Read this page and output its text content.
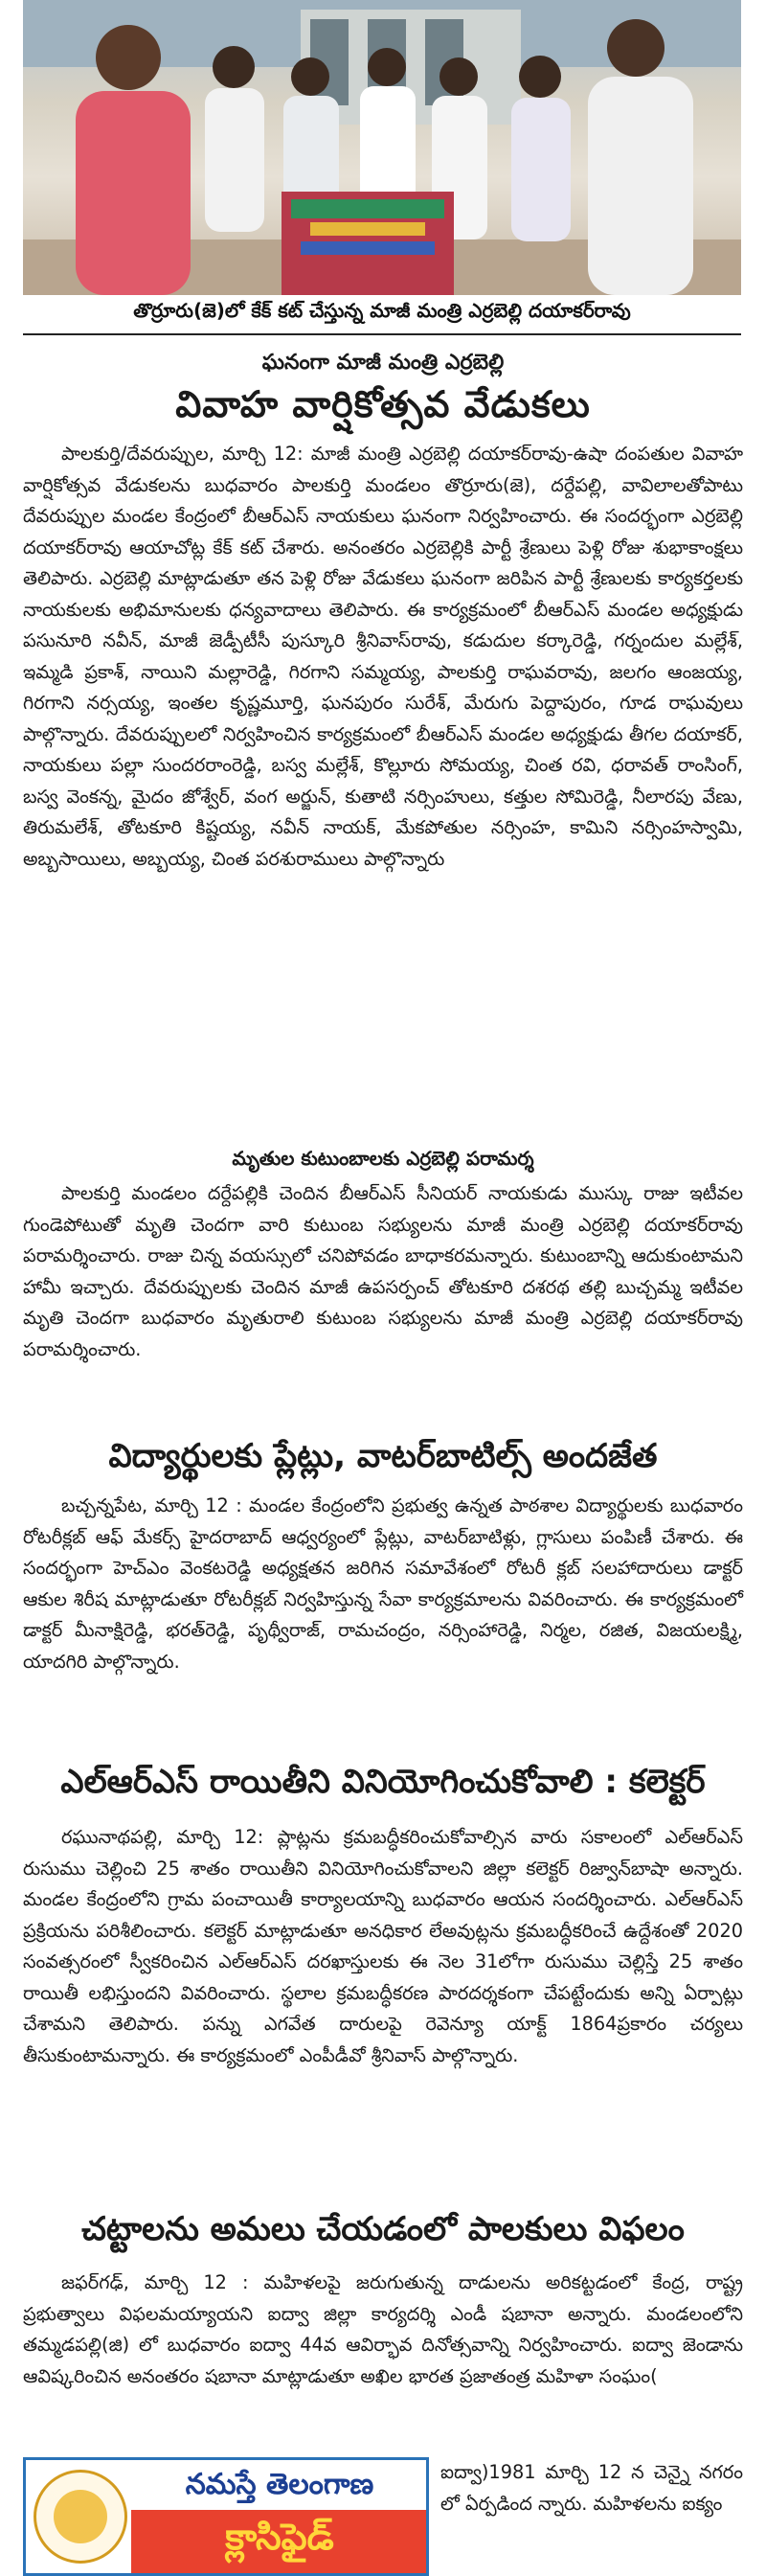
తొర్రూరు(జె)లో కేక్ కట్ చేస్తున్న మాజీ మంత్రి ఎర్రబెల్లి దయాకర్‌రావు
ఘనంగా మాజీ మంత్రి ఎర్రబెల్లి
వివాహ వార్షికోత్సవ వేడుకలు
పాలకుర్తి/దేవరుప్పుల, మార్చి 12: మాజీ మంత్రి ఎర్రబెల్లి దయాకర్‌రావు-ఉషా దంపతుల వివాహ వార్షికోత్సవ వేడుకలను బుధవారం పాలకుర్తి మండలం తొర్రూరు(జె), దర్దేపల్లి, వావిలాలతోపాటు దేవరుప్పుల మండల కేంద్రంలో బీఆర్‌ఎస్ నాయకులు ఘనంగా నిర్వహించారు. ఈ సందర్భంగా ఎర్రబెల్లి దయాకర్‌రావు ఆయాచోట్ల కేక్ కట్ చేశారు. అనంతరం ఎర్రబెల్లికి పార్టీ శ్రేణులు పెళ్లి రోజు శుభాకాంక్షలు తెలిపారు. ఎర్రబెల్లి మాట్లాడుతూ తన పెళ్లి రోజు వేడుకలు ఘనంగా జరిపిన పార్టీ శ్రేణులకు కార్యకర్తలకు నాయకులకు అభిమానులకు ధన్యవాదాలు తెలిపారు. ఈ కార్యక్రమంలో బీఆర్‌ఎస్ మండల అధ్యక్షుడు పసునూరి నవీన్, మాజీ జెడ్పీటీసీ పుస్కూరి శ్రీనివాస్‌రావు, కడుదుల కర్కారెడ్డి, గర్నందుల మల్లేశ్, ఇమ్మడి ప్రకాశ్, నాయిని మల్లారెడ్డి, గిరగాని సమ్మయ్య, పాలకుర్తి రాఘవరావు, జలగం ఆంజయ్య, గిరగాని నర్సయ్య, ఇంతల కృష్ణమూర్తి, ఘనపురం సురేశ్, మేరుగు పెద్దాపురం, గూడ రాఘవులు పాల్గొన్నారు. దేవరుప్పులలో నిర్వహించిన కార్యక్రమంలో బీఆర్‌ఎస్ మండల అధ్యక్షుడు తీగల దయాకర్, నాయకులు పల్లా సుందరరాంరెడ్డి, బస్వ మల్లేశ్, కొల్లూరు సోమయ్య, చింత రవి, ధరావత్ రాంసింగ్, బస్వ వెంకన్న, మైదం జోశ్వేర్, వంగ అర్జున్, కుతాటి నర్సింహులు, కత్తుల సోమిరెడ్డి, నీలారపు వేణు, తిరుమలేశ్, తోటకూరి కిష్టయ్య, నవీన్ నాయక్, మేకపోతుల నర్సింహ, కామిని నర్సింహస్వామి, అబ్బసాయిలు, అబ్బయ్య, చింత పరశురాములు పాల్గొన్నారు
మృతుల కుటుంబాలకు ఎర్రబెల్లి పరామర్శ
పాలకుర్తి మండలం దర్దేపల్లికి చెందిన బీఆర్‌ఎస్ సీనియర్ నాయకుడు ముస్కు రాజు ఇటీవల గుండెపోటుతో మృతి చెందగా వారి కుటుంబ సభ్యులను మాజీ మంత్రి ఎర్రబెల్లి దయాకర్‌రావు పరామర్శించారు. రాజు చిన్న వయస్సులో చనిపోవడం బాధాకరమన్నారు. కుటుంబాన్ని ఆదుకుంటామని హామీ ఇచ్చారు. దేవరుప్పులకు చెందిన మాజీ ఉపసర్పంచ్ తోటకూరి దశరథ తల్లి బుచ్చమ్మ ఇటీవల మృతి చెందగా బుధవారం మృతురాలి కుటుంబ సభ్యులను మాజీ మంత్రి ఎర్రబెల్లి దయాకర్‌రావు పరామర్శించారు.
విద్యార్థులకు ప్లేట్లు, వాటర్‌బాటిల్స్ అందజేత
బచ్చన్నపేట, మార్చి 12 : మండల కేంద్రంలోని ప్రభుత్వ ఉన్నత పాఠశాల విద్యార్థులకు బుధవారం రోటరీక్లబ్ ఆఫ్ మేకర్స్ హైదరాబాద్ ఆధ్వర్యంలో ప్లేట్లు, వాటర్‌బాటిళ్లు, గ్లాసులు పంపిణీ చేశారు. ఈ సందర్భంగా హెచ్‌ఎం వెంకటరెడ్డి అధ్యక్షతన జరిగిన సమావేశంలో రోటరీ క్లబ్ సలహాదారులు డాక్టర్ ఆకుల శిరీష మాట్లాడుతూ రోటరీక్లబ్ నిర్వహిస్తున్న సేవా కార్యక్రమాలను వివరించారు. ఈ కార్యక్రమంలో డాక్టర్ మీనాక్షిరెడ్డి, భరత్‌రెడ్డి, పృథ్వీరాజ్, రామచంద్రం, నర్సింహారెడ్డి, నిర్మల, రజిత, విజయలక్ష్మి, యాదగిరి పాల్గొన్నారు.
ఎల్‌ఆర్‌ఎస్ రాయితీని వినియోగించుకోవాలి : కలెక్టర్
రఘునాథపల్లి, మార్చి 12: ప్లాట్లను క్రమబద్ధీకరించుకోవాల్సిన వారు సకాలంలో ఎల్‌ఆర్‌ఎస్ రుసుము చెల్లించి 25 శాతం రాయితీని వినియోగించుకోవాలని జిల్లా కలెక్టర్ రిజ్వాన్‌బాషా అన్నారు. మండల కేంద్రంలోని గ్రామ పంచాయితీ కార్యాలయాన్ని బుధవారం ఆయన సందర్శించారు. ఎల్‌ఆర్‌ఎస్ ప్రక్రియను పరిశీలించారు. కలెక్టర్ మాట్లాడుతూ అనధికార లేఅవుట్లను క్రమబద్ధీకరించే ఉద్దేశంతో 2020 సంవత్సరంలో స్వీకరించిన ఎల్‌ఆర్‌ఎస్ దరఖాస్తులకు ఈ నెల 31లోగా రుసుము చెల్లిస్తే 25 శాతం రాయితీ లభిస్తుందని వివరించారు. స్థలాల క్రమబద్ధీకరణ పారదర్శకంగా చేపట్టేందుకు అన్ని ఏర్పాట్లు చేశామని తెలిపారు. పన్ను ఎగవేత దారులపై రెవెన్యూ యాక్ట్ 1864ప్రకారం చర్యలు తీసుకుంటామన్నారు. ఈ కార్యక్రమంలో ఎంపీడీవో శ్రీనివాస్ పాల్గొన్నారు.
చట్టాలను అమలు చేయడంలో పాలకులు విఫలం
జఫర్‌గఢ్, మార్చి 12 : మహిళలపై జరుగుతున్న దాడులను అరికట్టడంలో కేంద్ర, రాష్ట్ర ప్రభుత్వాలు విఫలమయ్యాయని ఐద్వా జిల్లా కార్యదర్శి ఎండీ షబానా అన్నారు. మండలంలోని తమ్మడపల్లి(జి) లో బుధవారం ఐద్వా 44వ ఆవిర్భావ దినోత్సవాన్ని నిర్వహించారు. ఐద్వా జెండాను ఆవిష్కరించిన అనంతరం షబానా మాట్లాడుతూ అఖిల భారత ప్రజాతంత్ర మహిళా సంఘం(
నమస్తే తెలంగాణ
క్లాసిఫైడ్
ఐద్వా)1981 మార్చి 12 న చెన్నై నగరం లో ఏర్పడింద న్నారు. మహిళలను ఐక్యం
